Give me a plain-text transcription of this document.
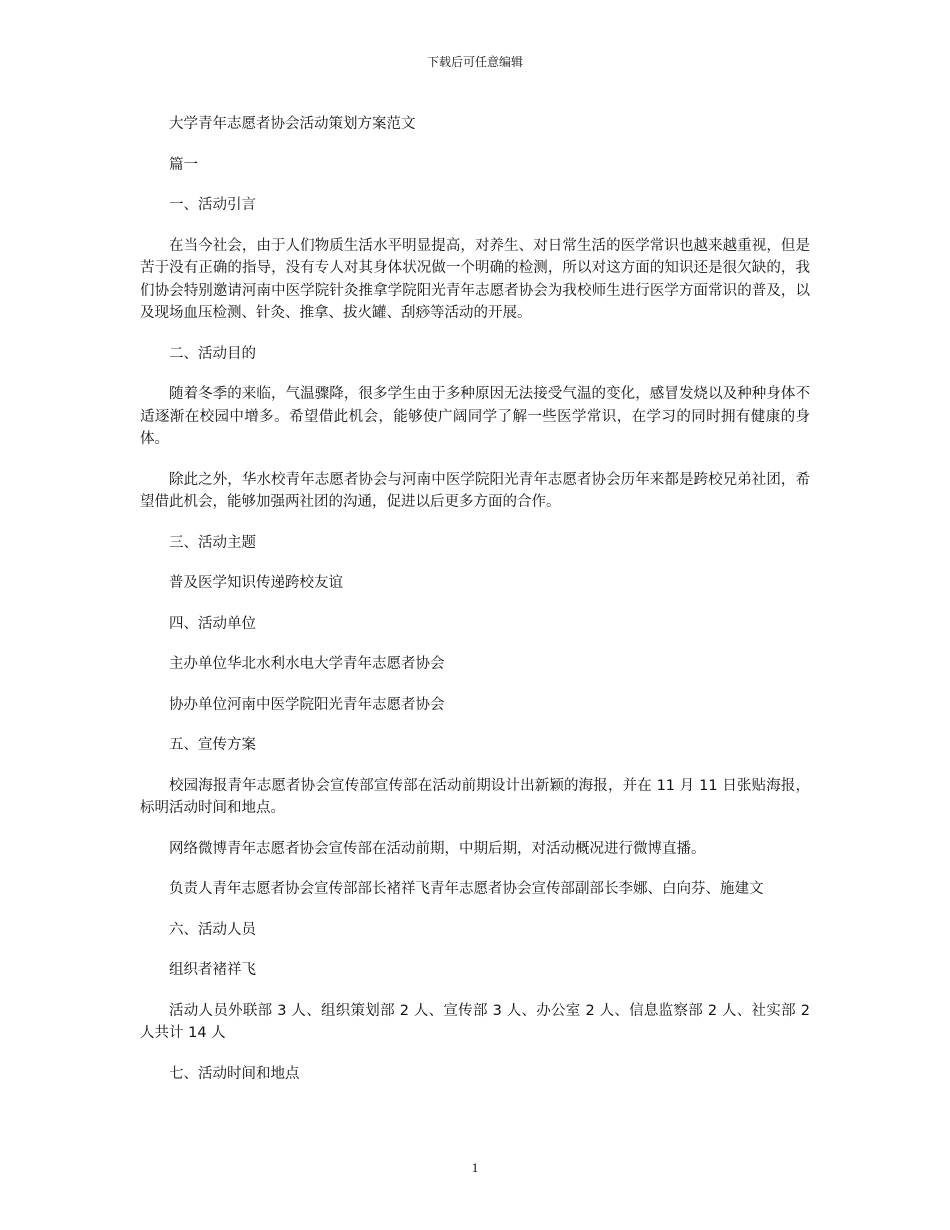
下载后可任意编辑

大学青年志愿者协会活动策划方案范文

篇一

一、活动引言

在当今社会，由于人们物质生活水平明显提高，对养生、对日常生活的医学常识也越来越重视，但是苦于没有正确的指导，没有专人对其身体状况做一个明确的检测，所以对这方面的知识还是很欠缺的，我们协会特别邀请河南中医学院针灸推拿学院阳光青年志愿者协会为我校师生进行医学方面常识的普及，以及现场血压检测、针灸、推拿、拔火罐、刮痧等活动的开展。

二、活动目的

随着冬季的来临，气温骤降，很多学生由于多种原因无法接受气温的变化，感冒发烧以及种种身体不适逐渐在校园中增多。希望借此机会，能够使广阔同学了解一些医学常识，在学习的同时拥有健康的身体。

除此之外，华水校青年志愿者协会与河南中医学院阳光青年志愿者协会历年来都是跨校兄弟社团，希望借此机会，能够加强两社团的沟通，促进以后更多方面的合作。

三、活动主题

普及医学知识传递跨校友谊

四、活动单位

主办单位华北水利水电大学青年志愿者协会

协办单位河南中医学院阳光青年志愿者协会

五、宣传方案

校园海报青年志愿者协会宣传部宣传部在活动前期设计出新颖的海报，并在 11 月 11 日张贴海报，标明活动时间和地点。

网络微博青年志愿者协会宣传部在活动前期，中期后期，对活动概况进行微博直播。

负责人青年志愿者协会宣传部部长褚祥飞青年志愿者协会宣传部副部长李娜、白向芬、施建文

六、活动人员

组织者褚祥飞

活动人员外联部 3 人、组织策划部 2 人、宣传部 3 人、办公室 2 人、信息监察部 2 人、社实部 2 人共计 14 人

七、活动时间和地点

1
